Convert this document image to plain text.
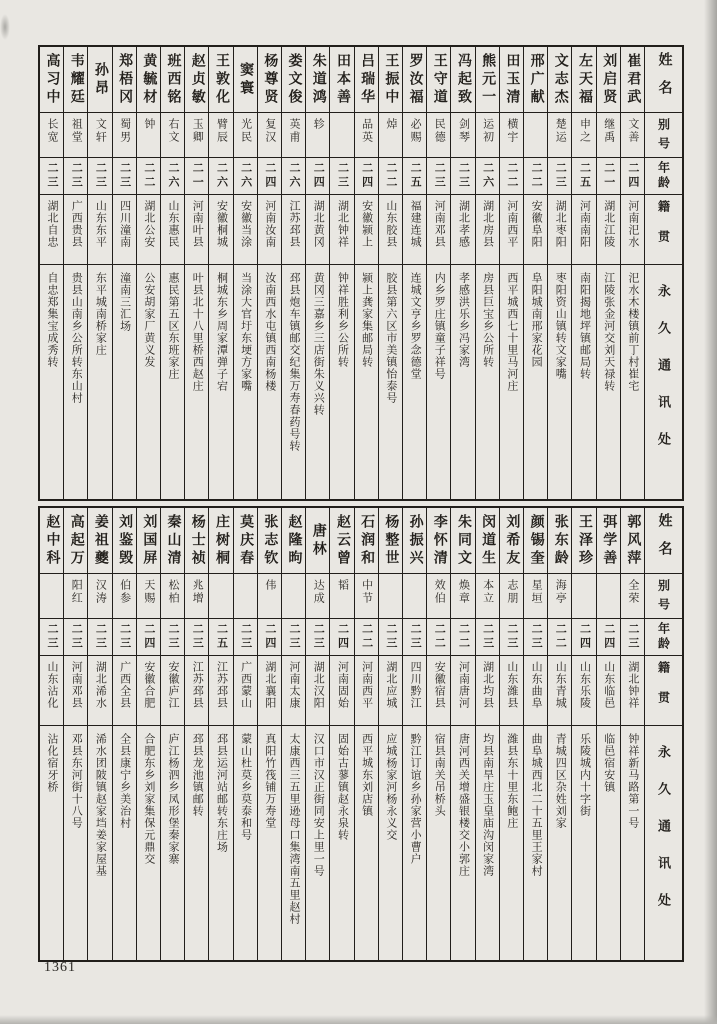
姓名
别号
年龄
籍贯
永久通讯处
崔君武
文善
二四
河南汜水
汜水木楼镇前丁村崔宅
刘启贤
继禹
二一
湖北江陵
江陵张金河交刘天禄转
左天福
申之
二五
河南南阳
南阳揭地坪镇邮局转
文志杰
楚运
二三
湖北枣阳
枣阳资山镇转文家嘴
邢广献
二二
安徽阜阳
阜阳城南邢家花园
田玉清
横宇
二二
河南西平
西平城西七十里马河庄
熊元一
运初
二六
湖北房县
房县巨宝乡公所转
冯起致
剑琴
二三
湖北孝感
孝感洪乐乡冯家湾
王守道
民德
二三
河南邓县
内乡罗庄镇童子祥号
罗汝福
必赐
二五
福建连城
连城文亨乡罗念德堂
王振中
焯
二二
山东胶县
胶县第六区市美镇怡泰号
吕瑞华
品英
二四
安徽颍上
颍上龚家集邮局转
田本善
二三
湖北钟祥
钟祥胜利乡公所转
朱道鸿
轸
二四
湖北黄冈
黄冈三嘉乡三店街朱义兴转
娄文俊
英甫
二六
江苏邳县
邳县炮车镇邮交纪集万寿春药号转
杨尊贤
复汉
二四
河南汝南
汝南西水屯镇西南杨楼
窦寰
光民
二六
安徽当涂
当涂大官圩东埂方家嘴
王敦化
臂辰
二六
安徽桐城
桐城东乡周家潭弹子宕
赵贞敏
玉卿
二一
河南叶县
叶县北十八里桥西赵庄
班西铭
右文
二六
山东惠民
惠民第五区东班家庄
黄毓材
钟
二二
湖北公安
公安胡家厂黄义发
郑梧冈
蜀男
二三
四川潼南
潼南三汇场
孙昂
文轩
二三
山东东平
东平城南桥家庄
韦耀廷
祖堂
二三
广西贵县
贵县山南乡公所转东山村
高习中
长宽
二三
湖北自忠
自忠郑集宝成秀转
姓名
别号
年龄
籍贯
永久通讯处
郭风萍
全荣
二三
湖北钟祥
钟祥新马路第一号
弭学善
二四
山东临邑
临邑宿安镇
王泽珍
二四
山东乐陵
乐陵城内十字街
张东龄
海亭
二二
山东青城
青城四区杂姓刘家
颜锡奎
星垣
二三
山东曲阜
曲阜城西北二十五里王家村
刘希友
志朋
二三
山东潍县
潍县东十里东鲍庄
闵道生
本立
二三
湖北均县
均县南旱庄玉皇庙沟闵家湾
朱同文
焕章
二二
河南唐河
唐河西关增盛银楼交小郭庄
李怀清
效伯
二二
安徽宿县
宿县南关吊桥头
孙振兴
二三
四川黔江
黔江订谊乡孙家营小曹户
杨整世
二三
湖北应城
应城杨家河杨永义交
石润和
中节
二二
河南西平
西平城东刘店镇
赵云曾
韬
二四
河南固始
固始古蓼镇赵永泉转
唐林
达成
二三
湖北汉阳
汉口市汉正街同安上里一号
赵隆昫
二三
河南太康
太康西三五里逊母口集湾南五里赵村
张志钦
伟
二四
湖北襄阳
真阳竹筏铺万寿堂
莫庆春
二三
广西蒙山
蒙山杜莫乡莫泰和号
庄树桐
二五
江苏邳县
邳县运河站邮转东庄场
杨士祯
兆增
二三
江苏邳县
邳县龙池镇邮转
秦山清
松柏
二三
安徽庐江
庐江杨泗乡凤形堡秦家寨
刘国屏
天赐
二四
安徽合肥
合肥东乡刘家集保元鼎交
刘鉴毁
伯参
二三
广西全县
全县康宁乡美治村
姜祖夔
汉涛
二三
湖北浠水
浠水团陂镇赵家垱姜家屋基
高起万
阳红
二三
河南邓县
邓县东河街十八号
赵中科
二三
山东沾化
沾化宿牙桥
1361
